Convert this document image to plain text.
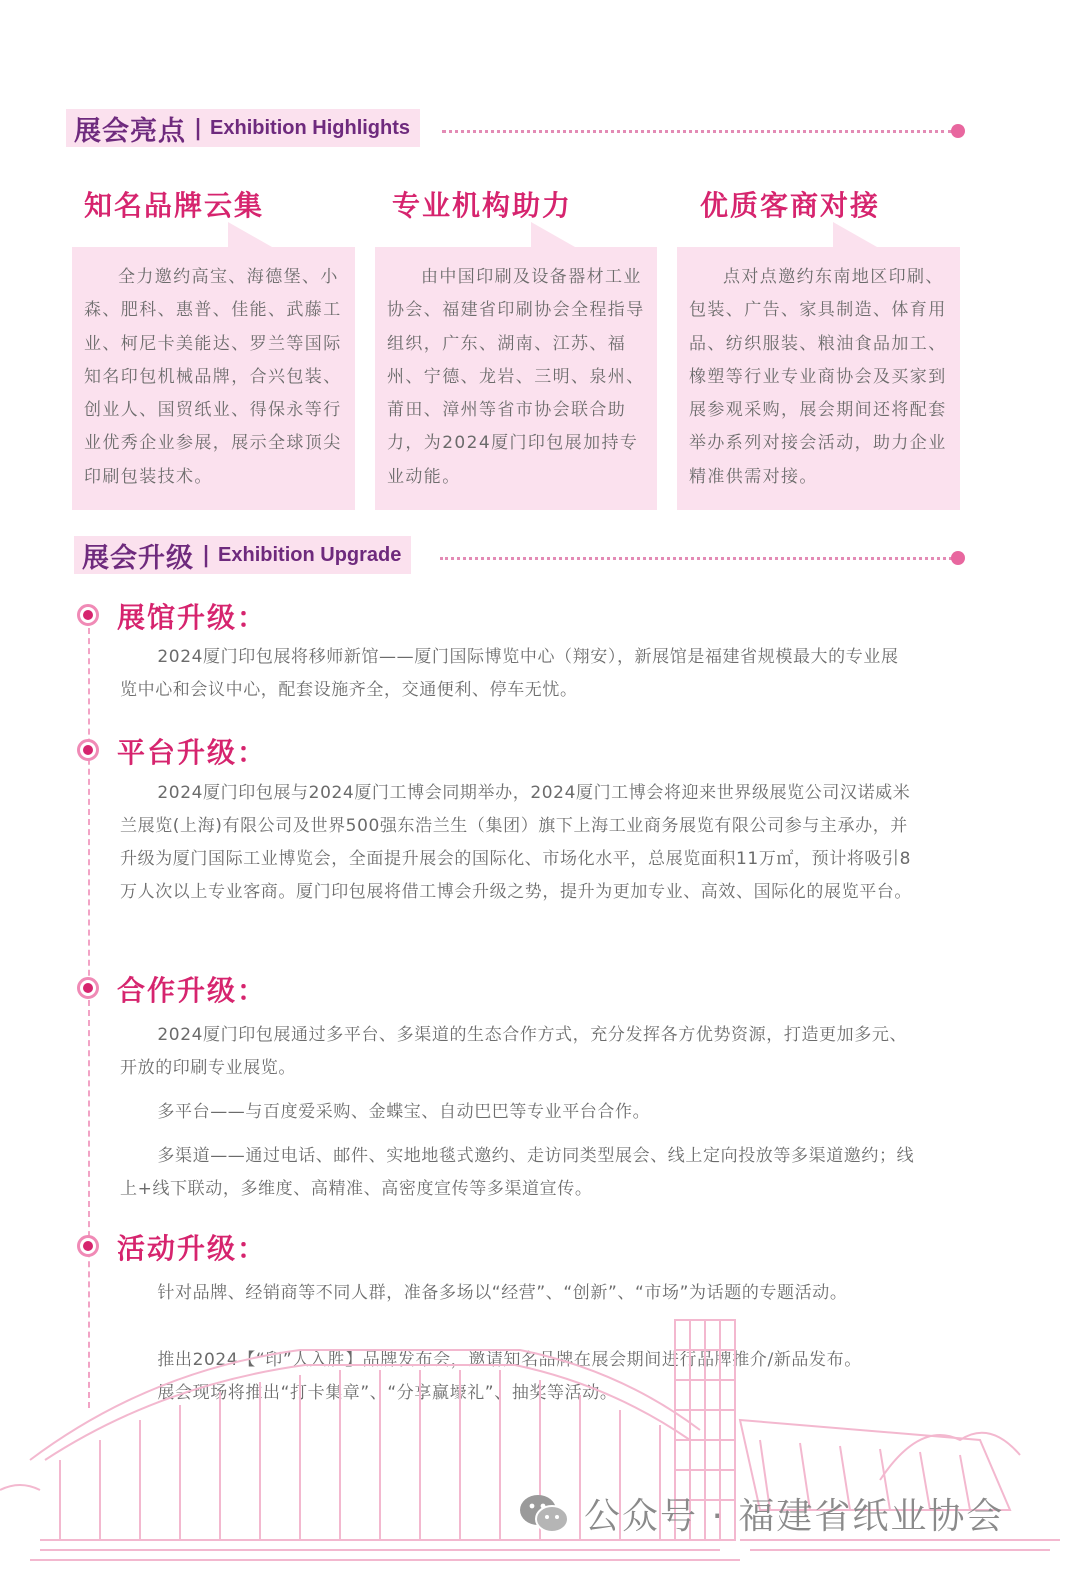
展会亮点 | Exhibition Highlights
知名品牌云集

全力邀约高宝、海德堡、小森、肥科、惠普、佳能、武藤工业、柯尼卡美能达、罗兰等国际知名印包机械品牌，合兴包装、创业人、国贸纸业、得保永等行业优秀企业参展，展示全球顶尖印刷包装技术。

专业机构助力

由中国印刷及设备器材工业协会、福建省印刷协会全程指导组织，广东、湖南、江苏、福州、宁德、龙岩、三明、泉州、莆田、漳州等省市协会联合助力，为2024厦门印包展加持专业动能。

优质客商对接

点对点邀约东南地区印刷、包装、广告、家具制造、体育用品、纺织服装、粮油食品加工、橡塑等行业专业商协会及买家到展参观采购，展会期间还将配套举办系列对接会活动，助力企业精准供需对接。

展会升级 | Exhibition Upgrade
展馆升级：

2024厦门印包展将移师新馆——厦门国际博览中心（翔安），新展馆是福建省规模最大的专业展览中心和会议中心，配套设施齐全，交通便利、停车无忧。

平台升级：

2024厦门印包展与2024厦门工博会同期举办，2024厦门工博会将迎来世界级展览公司汉诺威米兰展览(上海)有限公司及世界500强东浩兰生（集团）旗下上海工业商务展览有限公司参与主承办，并升级为厦门国际工业博览会，全面提升展会的国际化、市场化水平，总展览面积11万㎡，预计将吸引8万人次以上专业客商。厦门印包展将借工博会升级之势，提升为更加专业、高效、国际化的展览平台。

合作升级：

2024厦门印包展通过多平台、多渠道的生态合作方式，充分发挥各方优势资源，打造更加多元、开放的印刷专业展览。

多平台——与百度爱采购、金蝶宝、自动巴巴等专业平台合作。

多渠道——通过电话、邮件、实地地毯式邀约、走访同类型展会、线上定向投放等多渠道邀约；线上+线下联动，多维度、高精准、高密度宣传等多渠道宣传。

活动升级：

针对品牌、经销商等不同人群，准备多场以“经营”、“创新”、“市场”为话题的专题活动。

推出2024【“印”人入胜】品牌发布会，邀请知名品牌在展会期间进行品牌推介/新品发布。

展会现场将推出“打卡集章”、“分享赢壕礼”、抽奖等活动。

公众号 · 福建省纸业协会
